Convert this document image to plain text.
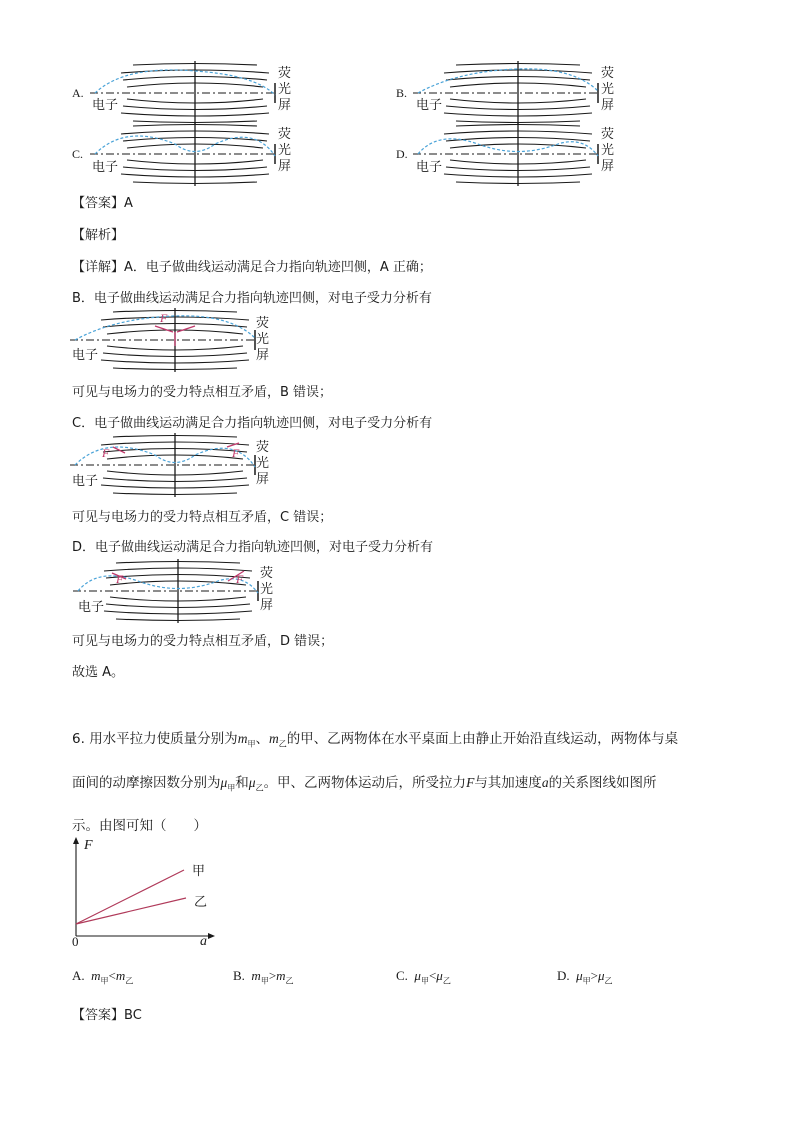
A.
电子
荧
光
屏
B.
电子
荧
光
屏
C.
电子
荧
光
屏
D.
电子
荧
光
屏
【答案】A
【解析】
【详解】A．电子做曲线运动满足合力指向轨迹凹侧，A 正确；
B．电子做曲线运动满足合力指向轨迹凹侧，对电子受力分析有
F
电子
荧
光
屏
可见与电场力的受力特点相互矛盾，B 错误；
C．电子做曲线运动满足合力指向轨迹凹侧，对电子受力分析有
F	F
电子
荧
光
屏
可见与电场力的受力特点相互矛盾，C 错误；
D．电子做曲线运动满足合力指向轨迹凹侧，对电子受力分析有
F	F
电子
荧
光
屏
可见与电场力的受力特点相互矛盾，D 错误；
故选 A。
6. 用水平拉力使质量分别为$m_甲$、$m_乙$的甲、乙两物体在水平桌面上由静止开始沿直线运动，两物体与桌
面间的动摩擦因数分别为$\mu_甲$和$\mu_乙$。甲、乙两物体运动后，所受拉力F与其加速度a的关系图线如图所
示。由图可知（　　）
F
a
0
甲
乙
A. $m_甲<m_乙$	B. $m_甲>m_乙$	C. $\mu_甲<\mu_乙$	D. $\mu_甲>\mu_乙$
【答案】BC
